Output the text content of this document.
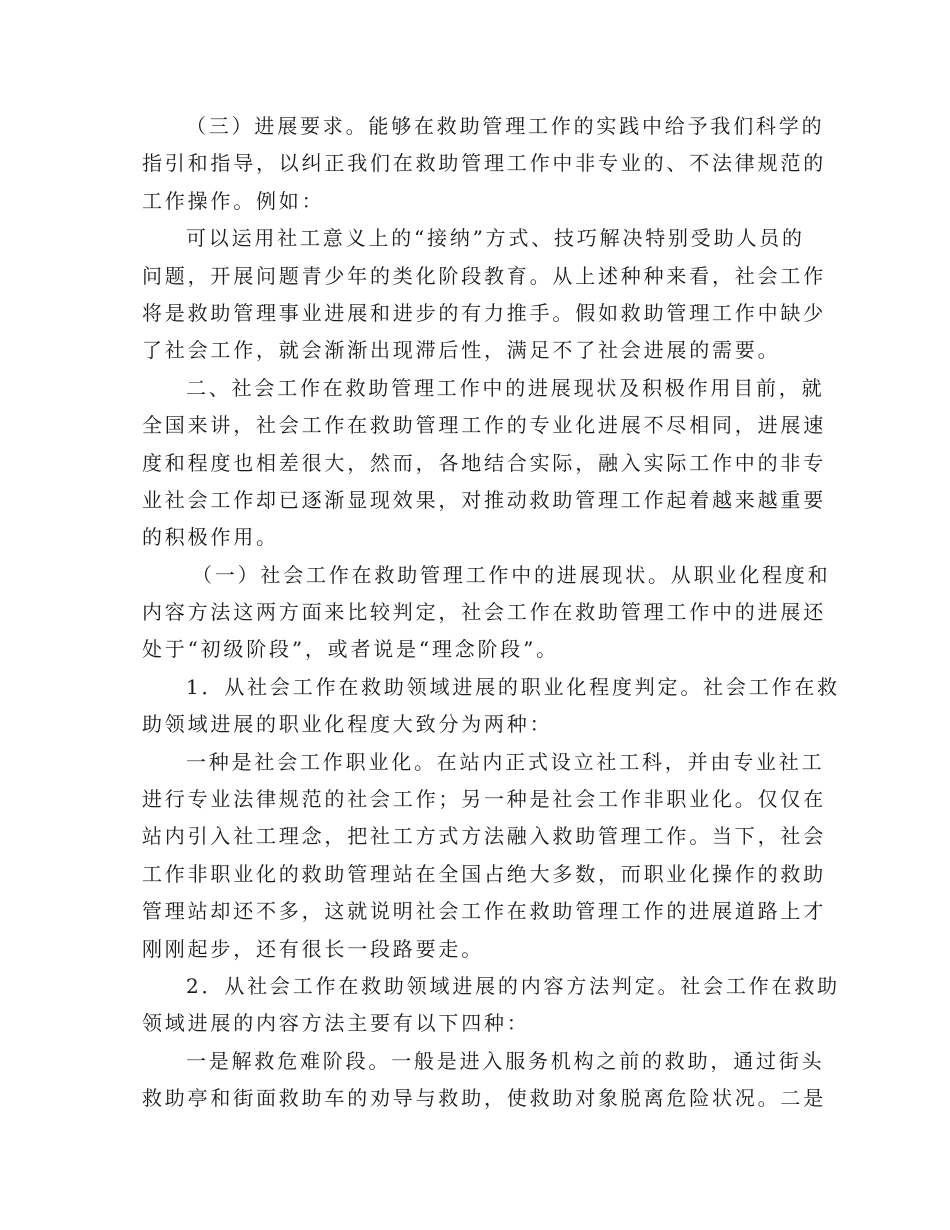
（三）进展要求。能够在救助管理工作的实践中给予我们科学的
指引和指导，以纠正我们在救助管理工作中非专业的、不法律规范的
工作操作。例如：
可以运用社工意义上的“接纳”方式、技巧解决特别受助人员的
问题，开展问题青少年的类化阶段教育。从上述种种来看，社会工作
将是救助管理事业进展和进步的有力推手。假如救助管理工作中缺少
了社会工作，就会渐渐出现滞后性，满足不了社会进展的需要。
二、社会工作在救助管理工作中的进展现状及积极作用目前，就
全国来讲，社会工作在救助管理工作的专业化进展不尽相同，进展速
度和程度也相差很大，然而，各地结合实际，融入实际工作中的非专
业社会工作却已逐渐显现效果，对推动救助管理工作起着越来越重要
的积极作用。
（一）社会工作在救助管理工作中的进展现状。从职业化程度和
内容方法这两方面来比较判定，社会工作在救助管理工作中的进展还
处于“初级阶段”，或者说是“理念阶段”。
1．从社会工作在救助领域进展的职业化程度判定。社会工作在救
助领域进展的职业化程度大致分为两种：
一种是社会工作职业化。在站内正式设立社工科，并由专业社工
进行专业法律规范的社会工作；另一种是社会工作非职业化。仅仅在
站内引入社工理念，把社工方式方法融入救助管理工作。当下，社会
工作非职业化的救助管理站在全国占绝大多数，而职业化操作的救助
管理站却还不多，这就说明社会工作在救助管理工作的进展道路上才
刚刚起步，还有很长一段路要走。
2．从社会工作在救助领域进展的内容方法判定。社会工作在救助
领域进展的内容方法主要有以下四种：
一是解救危难阶段。一般是进入服务机构之前的救助，通过街头
救助亭和街面救助车的劝导与救助，使救助对象脱离危险状况。二是
